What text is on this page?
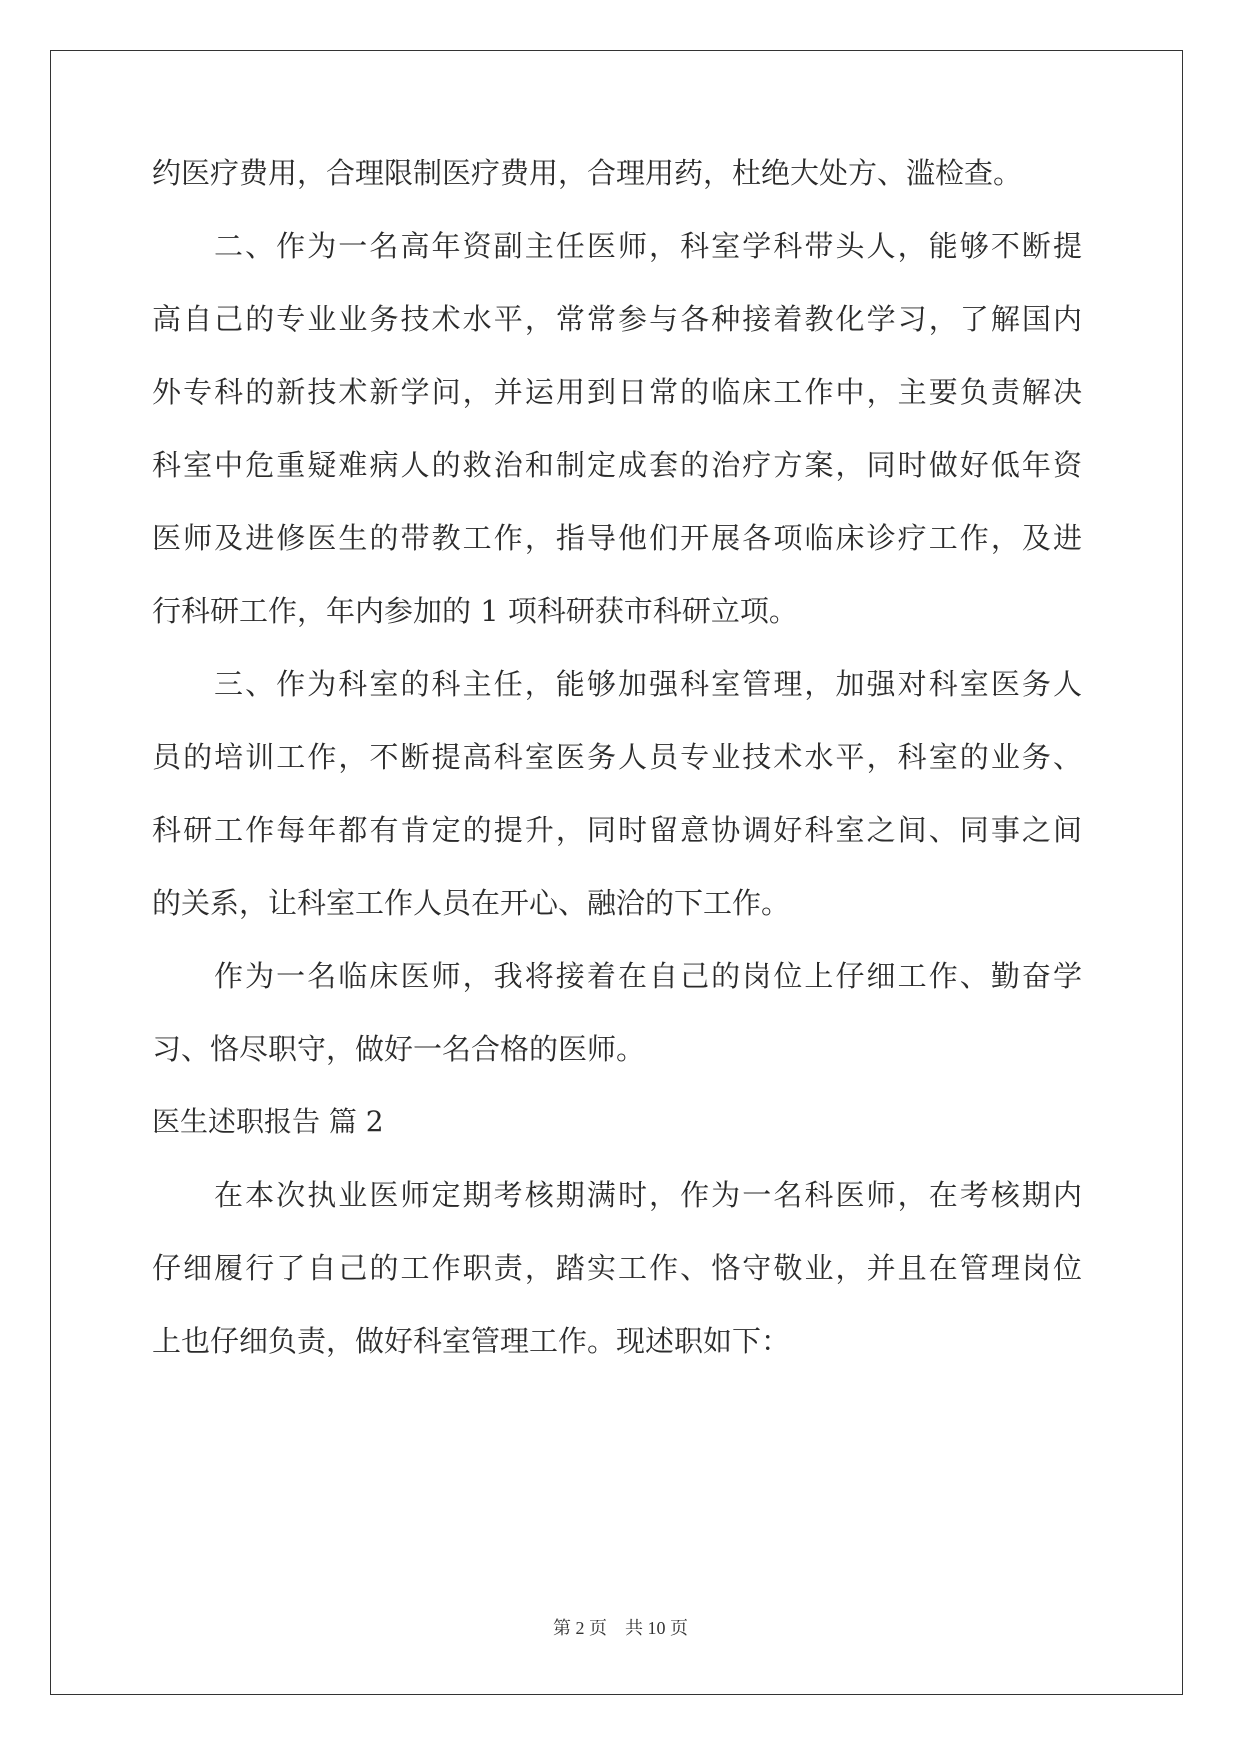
约医疗费用，合理限制医疗费用，合理用药，杜绝大处方、滥检查。
二、作为一名高年资副主任医师，科室学科带头人，能够不断提
高自己的专业业务技术水平，常常参与各种接着教化学习，了解国内
外专科的新技术新学问，并运用到日常的临床工作中，主要负责解决
科室中危重疑难病人的救治和制定成套的治疗方案，同时做好低年资
医师及进修医生的带教工作，指导他们开展各项临床诊疗工作，及进
行科研工作，年内参加的 1 项科研获市科研立项。
三、作为科室的科主任，能够加强科室管理，加强对科室医务人
员的培训工作，不断提高科室医务人员专业技术水平，科室的业务、
科研工作每年都有肯定的提升，同时留意协调好科室之间、同事之间
的关系，让科室工作人员在开心、融洽的下工作。
作为一名临床医师，我将接着在自己的岗位上仔细工作、勤奋学
习、恪尽职守，做好一名合格的医师。
医生述职报告 篇 2
在本次执业医师定期考核期满时，作为一名科医师，在考核期内
仔细履行了自己的工作职责，踏实工作、恪守敬业，并且在管理岗位
上也仔细负责，做好科室管理工作。现述职如下：
第 2 页    共 10 页
